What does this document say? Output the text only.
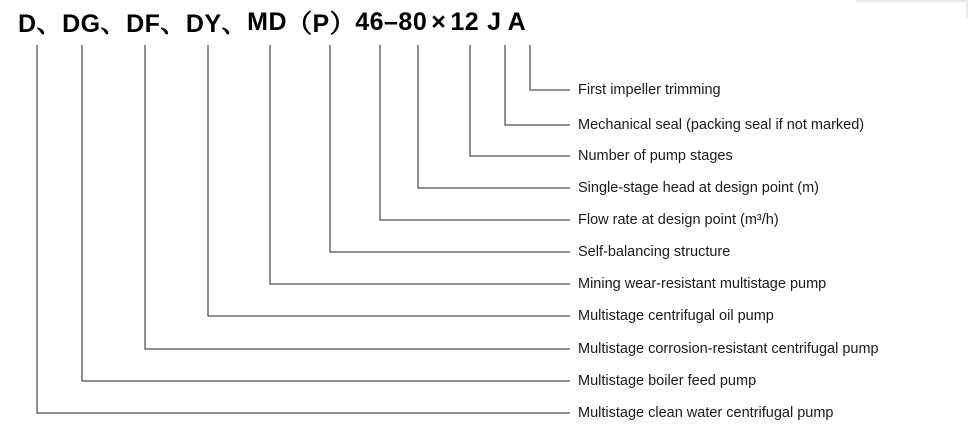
D、 DG、 DF、 DY、 MD （P） 46–80 × 12 J A
First impeller trimming
Mechanical seal (packing seal if not marked)
Number of pump stages
Single-stage head at design point (m)
Flow rate at design point (m³/h)
Self-balancing structure
Mining wear-resistant multistage pump
Multistage centrifugal oil pump
Multistage corrosion-resistant centrifugal pump
Multistage boiler feed pump
Multistage clean water centrifugal pump
